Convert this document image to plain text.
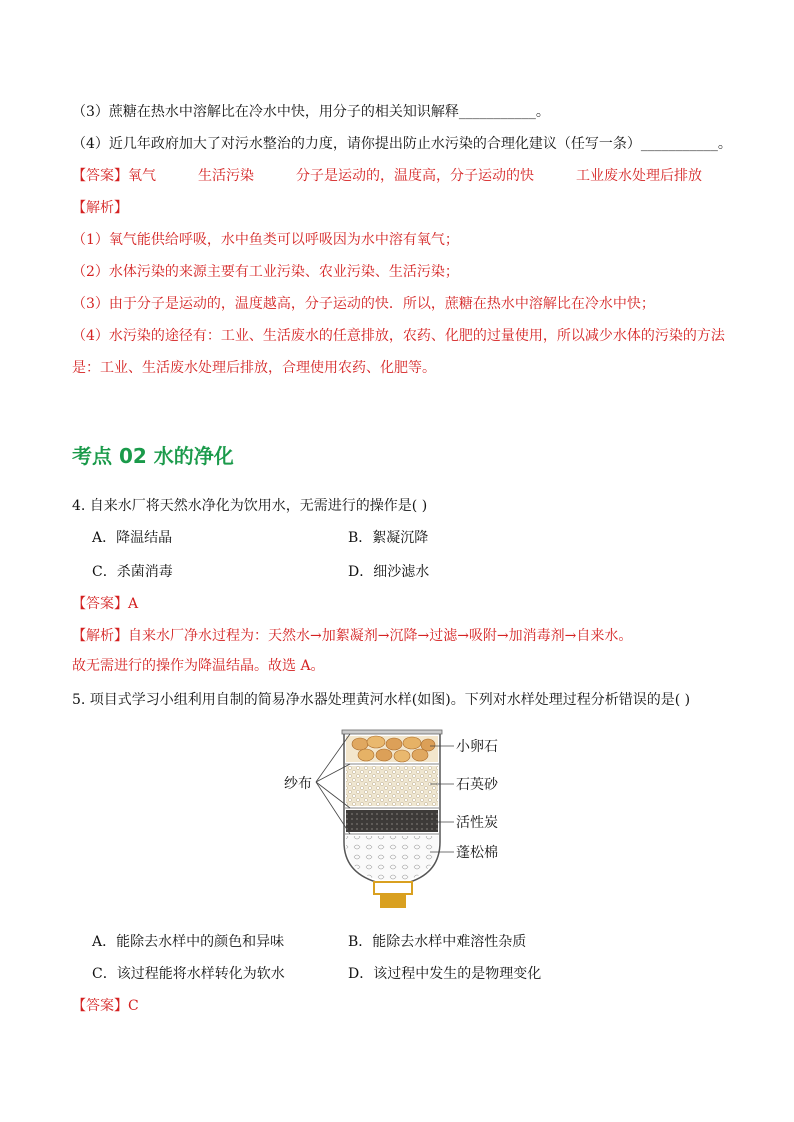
（3）蔗糖在热水中溶解比在冷水中快，用分子的相关知识解释___________。
（4）近几年政府加大了对污水整治的力度，请你提出防止水污染的合理化建议（任写一条）___________。
【答案】氧气	生活污染	分子是运动的，温度高，分子运动的快	工业废水处理后排放
【解析】
（1）氧气能供给呼吸，水中鱼类可以呼吸因为水中溶有氧气；
（2）水体污染的来源主要有工业污染、农业污染、生活污染；
（3）由于分子是运动的，温度越高，分子运动的快．所以，蔗糖在热水中溶解比在冷水中快；
（4）水污染的途径有：工业、生活废水的任意排放，农药、化肥的过量使用，所以减少水体的污染的方法
是：工业、生活废水处理后排放，合理使用农药、化肥等。
考点 02 水的净化
4. 自来水厂将天然水净化为饮用水，无需进行的操作是( )
A．降温结晶	B．絮凝沉降
C．杀菌消毒	D．细沙滤水
【答案】A
【解析】自来水厂净水过程为：天然水→加絮凝剂→沉降→过滤→吸附→加消毒剂→自来水。
故无需进行的操作为降温结晶。故选 A。
5. 项目式学习小组利用自制的简易净水器处理黄河水样(如图)。下列对水样处理过程分析错误的是( )
纱布
小卵石
石英砂
活性炭
蓬松棉
A．能除去水样中的颜色和异味	B．能除去水样中难溶性杂质
C．该过程能将水样转化为软水	D．该过程中发生的是物理变化
【答案】C
